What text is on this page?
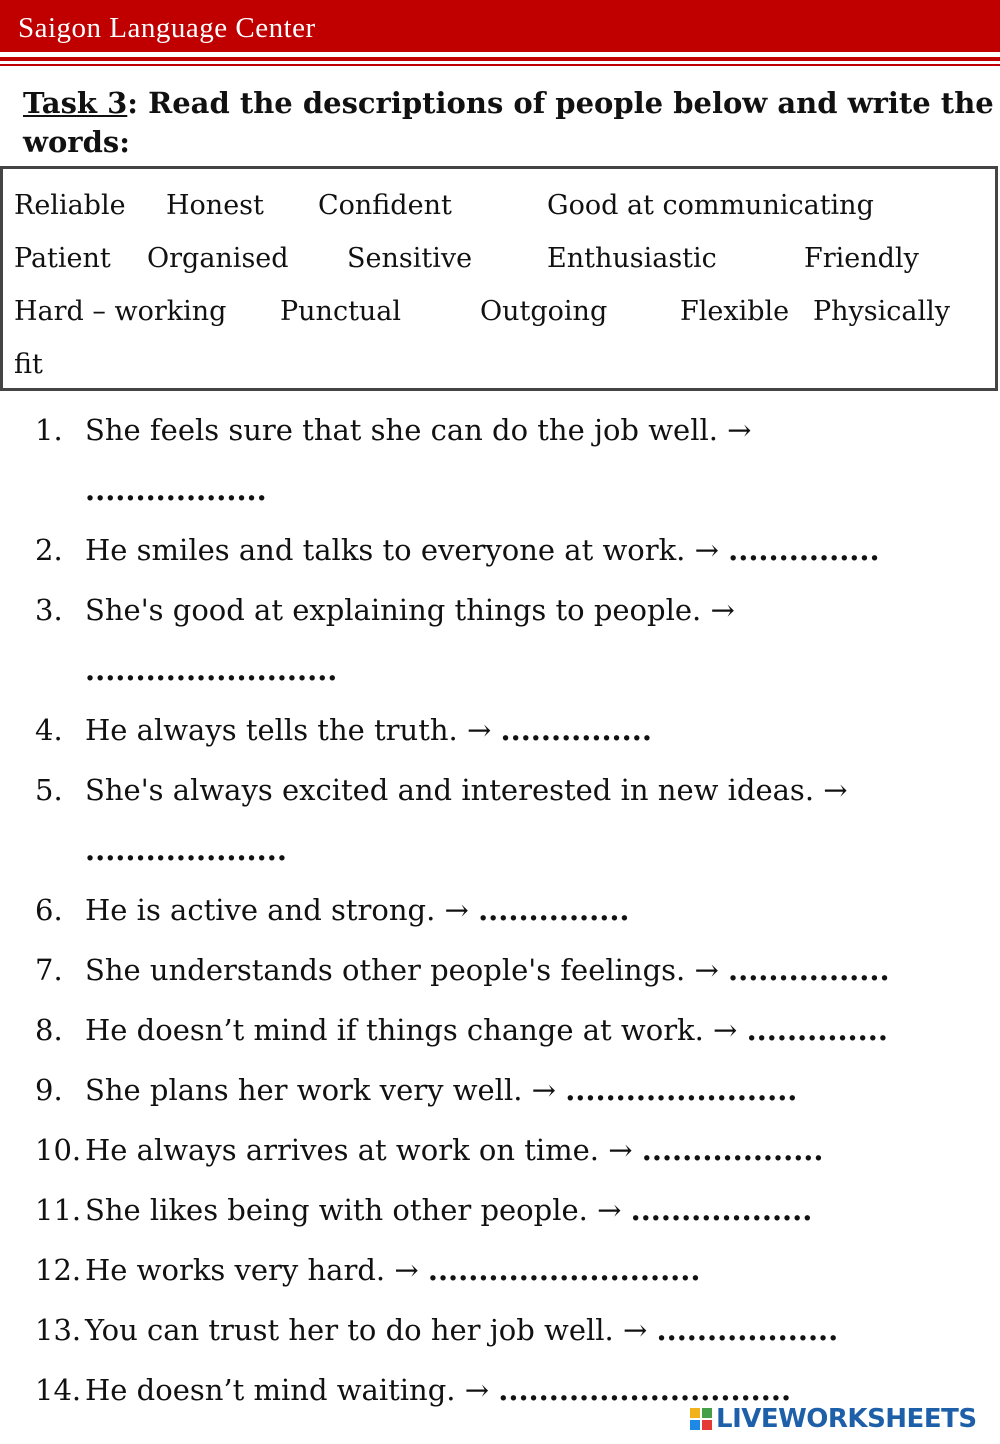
Saigon Language Center
Task 3: Read the descriptions of people below and write the words:
Reliable Honest Confident	Good at communicating
Patient Organised Sensitive	Enthusiastic	Friendly
Hard – working Punctual	Outgoing	Flexible Physically
fit
1. She feels sure that she can do the job well. →
..................
2. He smiles and talks to everyone at work. → ...............
3. She's good at explaining things to people. →
.........................
4. He always tells the truth. → ...............
5. She's always excited and interested in new ideas. →
....................
6. He is active and strong. → ...............
7. She understands other people's feelings. → ................
8. He doesn’t mind if things change at work. → ..............
9. She plans her work very well. → .......................
10. He always arrives at work on time. → ..................
11. She likes being with other people. → ..................
12. He works very hard. → ...........................
13. You can trust her to do her job well. → ..................
14. He doesn’t mind waiting. → .............................
LIVEWORKSHEETS
